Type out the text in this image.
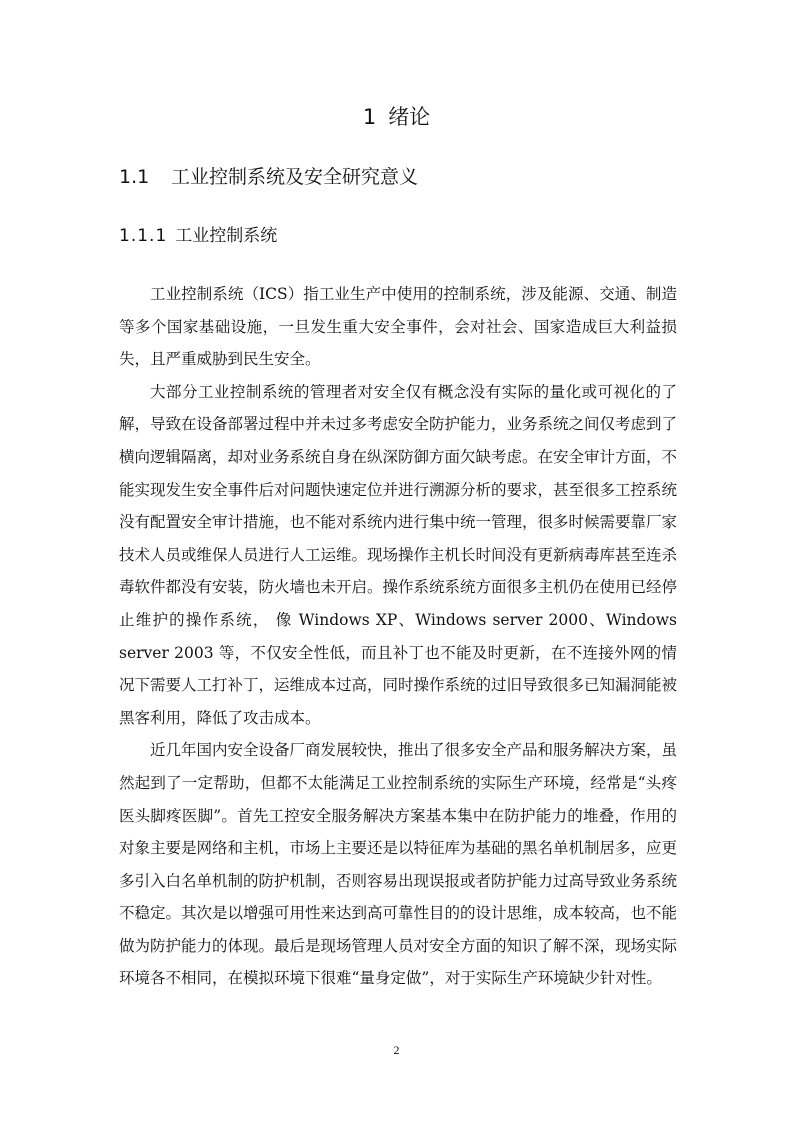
1 绪论
1.1 工业控制系统及安全研究意义
1.1.1 工业控制系统

工业控制系统（ICS）指工业生产中使用的控制系统，涉及能源、交通、制造等多个国家基础设施，一旦发生重大安全事件，会对社会、国家造成巨大利益损失，且严重威胁到民生安全。

大部分工业控制系统的管理者对安全仅有概念没有实际的量化或可视化的了解，导致在设备部署过程中并未过多考虑安全防护能力，业务系统之间仅考虑到了横向逻辑隔离，却对业务系统自身在纵深防御方面欠缺考虑。在安全审计方面，不能实现发生安全事件后对问题快速定位并进行溯源分析的要求，甚至很多工控系统没有配置安全审计措施，也不能对系统内进行集中统一管理，很多时候需要靠厂家技术人员或维保人员进行人工运维。现场操作主机长时间没有更新病毒库甚至连杀毒软件都没有安装，防火墙也未开启。操作系统系统方面很多主机仍在使用已经停止维护的操作系统， 像 Windows XP、Windows server 2000、Windows server 2003 等，不仅安全性低，而且补丁也不能及时更新，在不连接外网的情况下需要人工打补丁，运维成本过高，同时操作系统的过旧导致很多已知漏洞能被黑客利用，降低了攻击成本。

近几年国内安全设备厂商发展较快，推出了很多安全产品和服务解决方案，虽然起到了一定帮助，但都不太能满足工业控制系统的实际生产环境，经常是“头疼医头脚疼医脚”。首先工控安全服务解决方案基本集中在防护能力的堆叠，作用的对象主要是网络和主机，市场上主要还是以特征库为基础的黑名单机制居多，应更多引入白名单机制的防护机制，否则容易出现误报或者防护能力过高导致业务系统不稳定。其次是以增强可用性来达到高可靠性目的的设计思维，成本较高，也不能做为防护能力的体现。最后是现场管理人员对安全方面的知识了解不深，现场实际环境各不相同，在模拟环境下很难“量身定做”，对于实际生产环境缺少针对性。

2
